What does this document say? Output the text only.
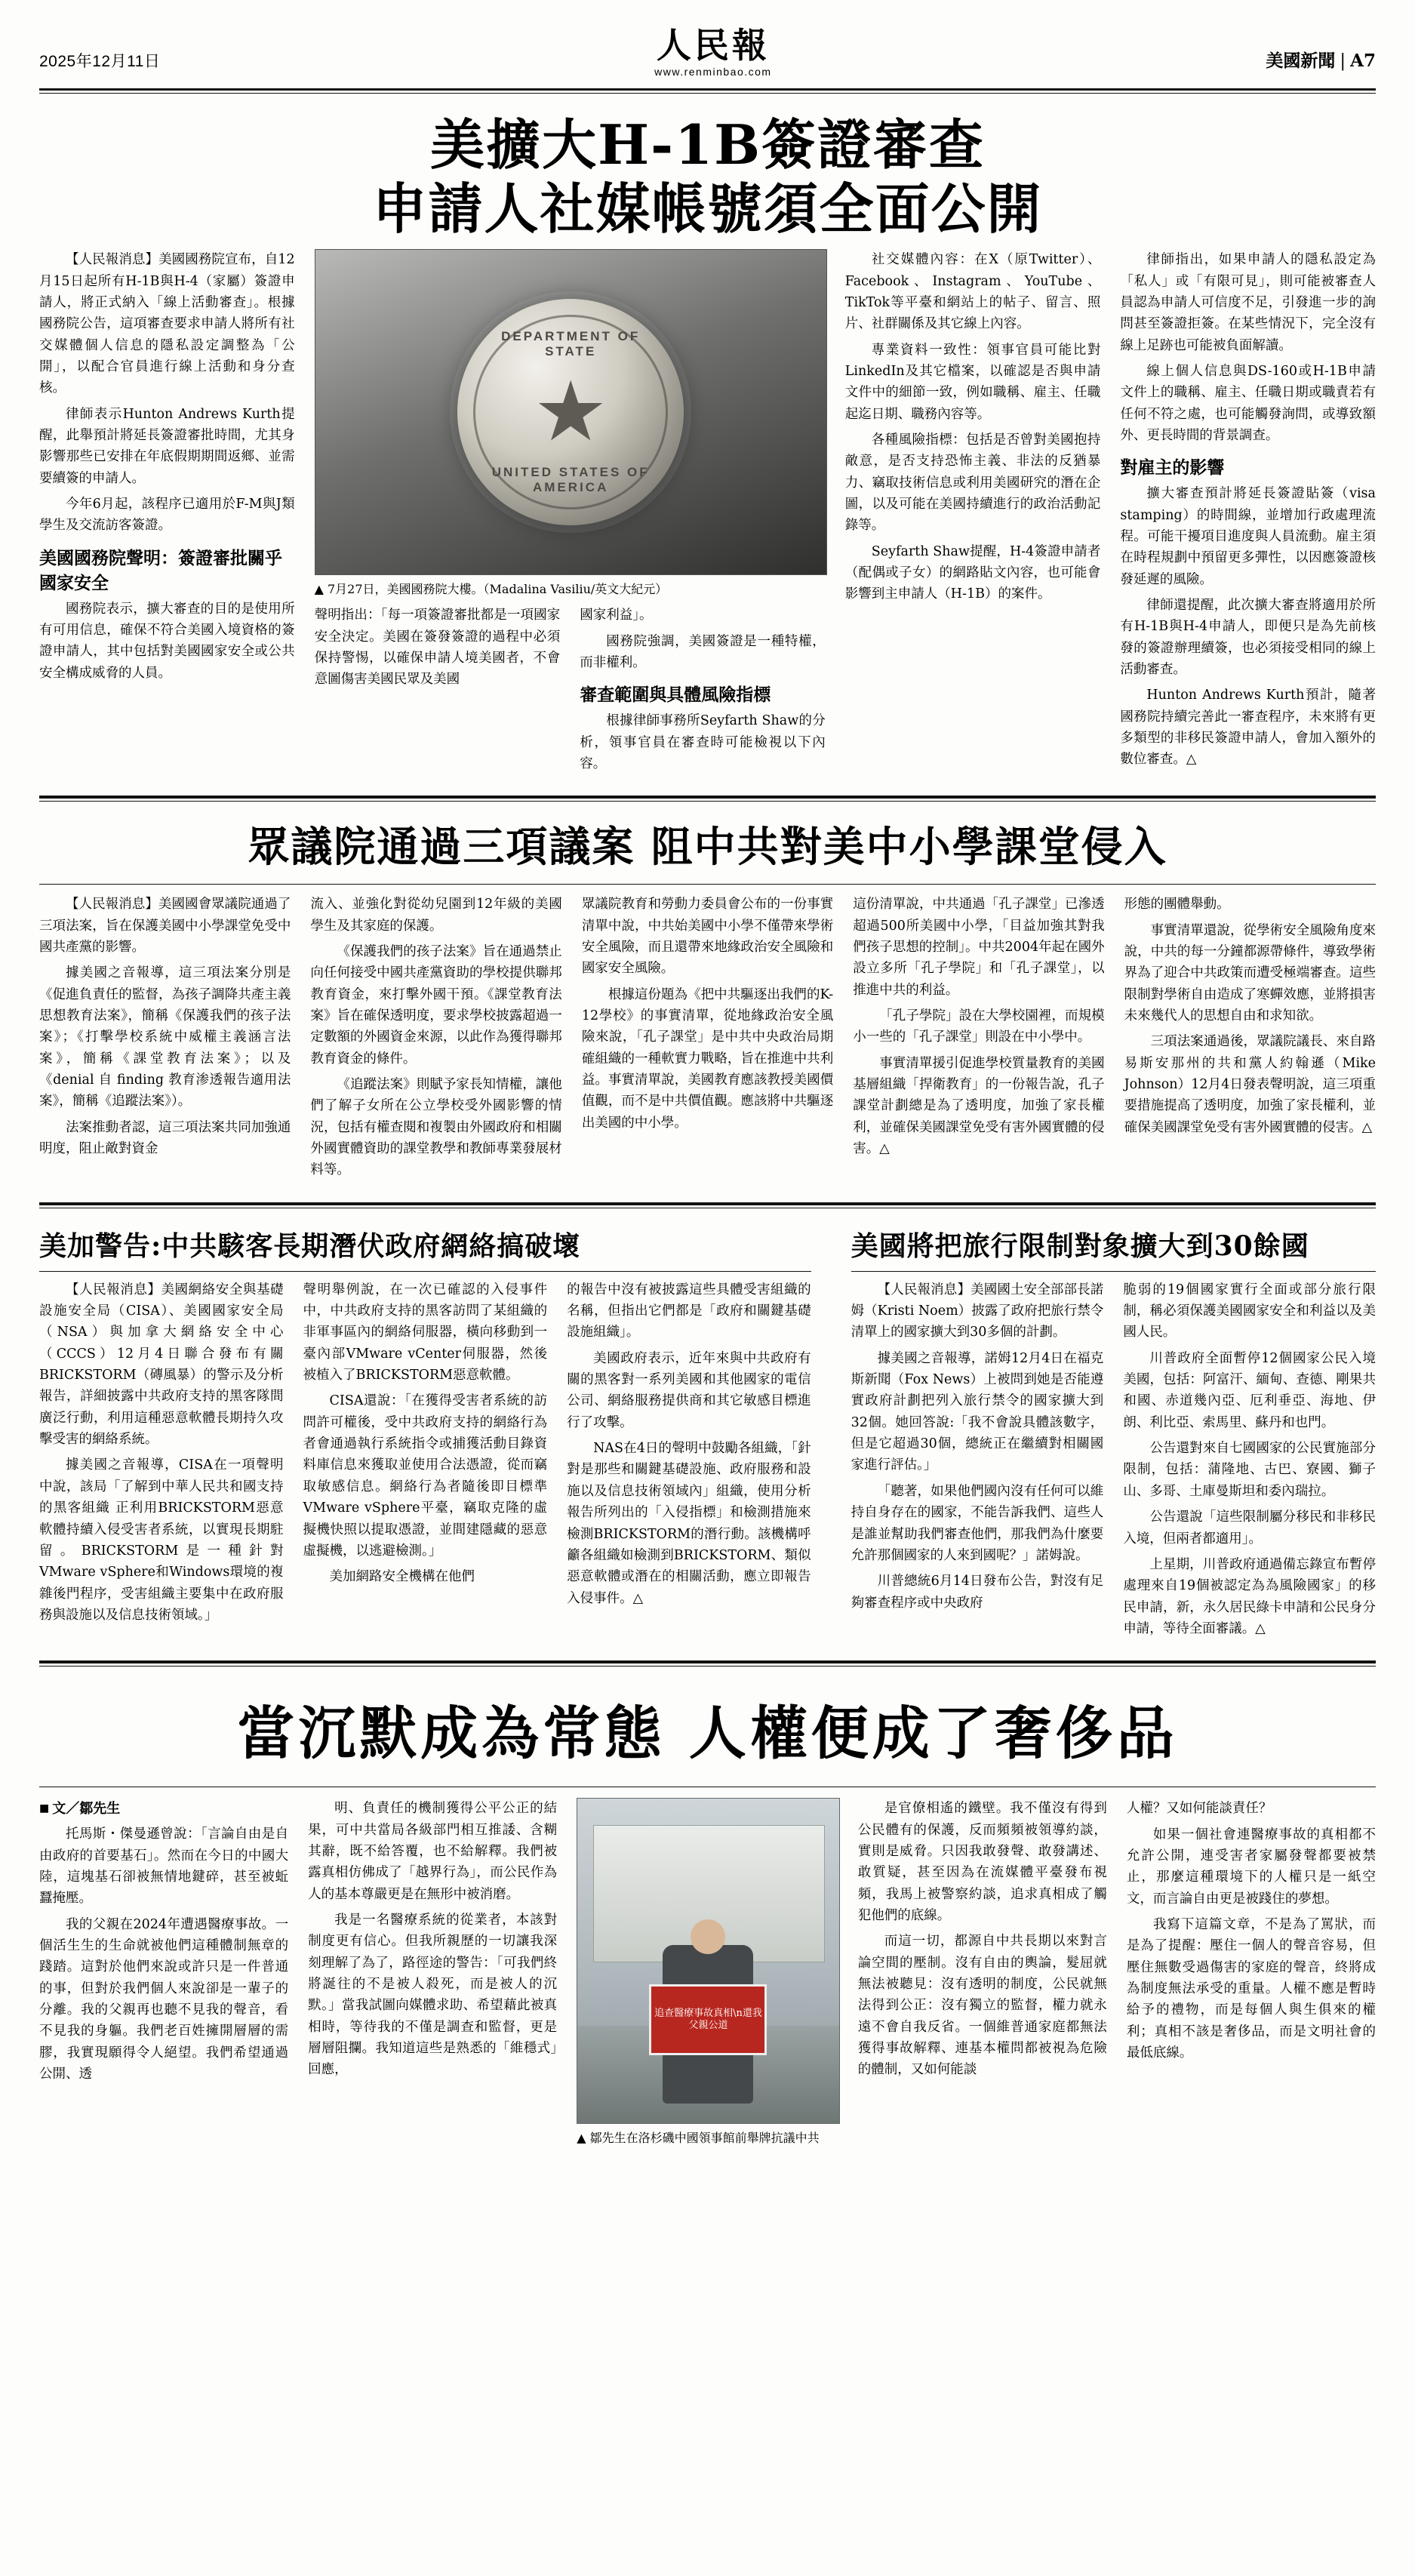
2025年12月11日	人民報
www.renminbao.com
美國新聞 | A7
美擴大H-1B簽證審查
申請人社媒帳號須全面公開

【人民報消息】美國國務院宣布，自12月15日起所有H-1B與H-4（家屬）簽證申請人，將正式納入「線上活動審查」。根據國務院公告，這項審查要求申請人將所有社交媒體個人信息的隱私設定調整為「公開」，以配合官員進行線上活動和身分查核。

律師表示Hunton Andrews Kurth提醒，此舉預計將延長簽證審批時間，尤其身影響那些已安排在年底假期期間返鄉、並需要續簽的申請人。

今年6月起，該程序已適用於F-M與J類學生及交流訪客簽證。

美國國務院聲明：簽證審批關乎國家安全

國務院表示，擴大審查的目的是使用所有可用信息，確保不符合美國入境資格的簽證申請人，其中包括對美國國家安全或公共安全構成威脅的人員。

DEPARTMENT OF STATE
★
UNITED STATES OF AMERICA
▲ 7月27日，美國國務院大樓。（Madalina Vasiliu/英文大紀元）

聲明指出：「每一項簽證審批都是一項國家安全決定。美國在簽發簽證的過程中必須保持警惕，以確保申請人境美國者，不會意圖傷害美國民眾及美國

國家利益」。

國務院強調，美國簽證是一種特權，而非權利。

審查範圍與具體風險指標

根據律師事務所Seyfarth Shaw的分析，領事官員在審查時可能檢視以下內容。

社交媒體內容：在X（原Twitter）、Facebook、Instagram、YouTube、TikTok等平臺和網站上的帖子、留言、照片、社群關係及其它線上內容。

專業資料一致性：領事官員可能比對LinkedIn及其它檔案，以確認是否與申請文件中的細節一致，例如職稱、雇主、任職起迄日期、職務內容等。

各種風險指標：包括是否曾對美國抱持敵意，是否支持恐怖主義、非法的反猶暴力、竊取技術信息或利用美國研究的潛在企圖，以及可能在美國持續進行的政治活動記錄等。

Seyfarth Shaw提醒，H-4簽證申請者（配偶或子女）的網路貼文內容，也可能會影響到主申請人（H-1B）的案件。

律師指出，如果申請人的隱私設定為「私人」或「有限可見」，則可能被審查人員認為申請人可信度不足，引發進一步的詢問甚至簽證拒簽。在某些情況下，完全沒有線上足跡也可能被負面解讀。

線上個人信息與DS-160或H-1B申請文件上的職稱、雇主、任職日期或職責若有任何不符之處，也可能觸發詢問，或導致額外、更長時間的背景調查。

對雇主的影響

擴大審查預計將延長簽證貼簽（visa stamping）的時間線，並增加行政處理流程。可能干擾項目進度與人員流動。雇主須在時程規劃中預留更多彈性，以因應簽證核發延遲的風險。

律師還提醒，此次擴大審查將適用於所有H-1B與H-4申請人，即便只是為先前核發的簽證辦理續簽，也必須接受相同的線上活動審查。

Hunton Andrews Kurth預計，隨著國務院持續完善此一審查程序，未來將有更多類型的非移民簽證申請人，會加入額外的數位審查。△

眾議院通過三項議案 阻中共對美中小學課堂侵入

【人民報消息】美國國會眾議院通過了三項法案，旨在保護美國中小學課堂免受中國共產黨的影響。

據美國之音報導，這三項法案分別是《促進負責任的監督，為孩子調降共產主義思想教育法案》，簡稱《保護我們的孩子法案》；《打擊學校系統中威權主義涵言法案》，簡稱《課堂教育法案》；以及《denial 自 finding 教育渗透報告適用法案》，簡稱《追蹤法案》）。

法案推動者認，這三項法案共同加強通明度，阻止敵對資金

流入、並強化對從幼兒園到12年級的美國學生及其家庭的保護。

《保護我們的孩子法案》旨在通過禁止向任何接受中國共產黨資助的學校提供聯邦教育資金，來打擊外國干預。《課堂教育法案》旨在確保透明度，要求學校披露超過一定數額的外國資金來源，以此作為獲得聯邦教育資金的條件。

《追蹤法案》則賦予家長知情權，讓他們了解子女所在公立學校受外國影響的情況，包括有權查閱和複製由外國政府和相關外國實體資助的課堂教學和教師專業發展材料等。

眾議院教育和勞動力委員會公布的一份事實清單中說，中共始美國中小學不僅帶來學術安全風險，而且還帶來地緣政治安全風險和國家安全風險。

根據這份題為《把中共驅逐出我們的K-12學校》的事實清單，從地緣政治安全風險來說，「孔子課堂」是中共中央政治局期確組織的一種軟實力戰略，旨在推進中共利益。事實清單說，美國教育應該教授美國價值觀，而不是中共價值觀。應該將中共驅逐出美國的中小學。

這份清單說，中共通過「孔子課堂」已滲透超過500所美國中小學，「目益加強其對我們孩子思想的控制」。中共2004年起在國外設立多所「孔子學院」和「孔子課堂」，以推進中共的利益。

「孔子學院」設在大學校園裡，而規模小一些的「孔子課堂」則設在中小學中。

事實清單援引促進學校質量教育的美國基層組織「捍衛教育」的一份報告說，孔子課堂計劃總是為了透明度，加強了家長權利，並確保美國課堂免受有害外國實體的侵害。△

形態的團體舉動。

事實清單還說，從學術安全風險角度來說，中共的每一分鐘都源帶條件，導致學術界為了迎合中共政策而遭受極端審查。這些限制對學術自由造成了寒蟬效應，並將損害未來幾代人的思想自由和求知欲。

三項法案通過後，眾議院議長、來自路易斯安那州的共和黨人約翰遜（Mike Johnson）12月4日發表聲明說，這三項重要措施提高了透明度，加強了家長權利，並確保美國課堂免受有害外國實體的侵害。△

美加警告:中共駭客長期潛伏政府網絡搞破壞

【人民報消息】美國網絡安全與基礎設施安全局（CISA）、美國國家安全局（NSA）與加拿大網絡安全中心（CCCS）12月4日聯合發布有關BRICKSTORM（磚風暴）的警示及分析報告，詳細披露中共政府支持的黑客隊間廣泛行動，利用這種惡意軟體長期持久攻擊受害的網絡系統。

據美國之音報導，CISA在一項聲明中說，該局「了解到中華人民共和國支持的黑客組織 正利用BRICKSTORM惡意軟體持續入侵受害者系統，以實現長期駐留。BRICKSTORM是一種針對VMware vSphere和Windows環境的複雜後門程序，受害組織主要集中在政府服務與設施以及信息技術領域。」

聲明舉例說，在一次已確認的入侵事件中，中共政府支持的黑客訪問了某組織的非軍事區內的網絡伺服器，橫向移動到一臺內部VMware vCenter伺服器，然後被植入了BRICKSTORM惡意軟體。

CISA還說：「在獲得受害者系統的訪問許可權後，受中共政府支持的網絡行為者會通過執行系統指令或捕獲活動目錄資料庫信息來獲取並使用合法憑證，從而竊取敏感信息。網絡行為者隨後即目標準VMware vSphere平臺，竊取克隆的虛擬機快照以提取憑證，並間建隱藏的惡意虛擬機，以逃避檢測。」

美加網路安全機構在他們

的報告中沒有被披露這些具體受害組織的名稱，但指出它們都是「政府和關鍵基礎設施組織」。

美國政府表示，近年來與中共政府有關的黑客對一系列美國和其他國家的電信公司、網絡服務提供商和其它敏感目標進行了攻擊。

NAS在4日的聲明中鼓勵各組織，「針對是那些和關鍵基礎設施、政府服務和設施以及信息技術領域內」組織，使用分析報告所列出的「入侵指標」和檢測措施來檢測BRICKSTORM的潛行動。該機構呼籲各組織如檢測到BRICKSTORM、類似惡意軟體或潛在的相關活動，應立即報告入侵事件。△

美國將把旅行限制對象擴大到30餘國

【人民報消息】美國國土安全部部長諾姆（Kristi Noem）披露了政府把旅行禁令清單上的國家擴大到30多個的計劃。

據美國之音報導，諾姆12月4日在福克斯新聞（Fox News）上被問到她是否能遵實政府計劃把列入旅行禁令的國家擴大到32個。她回答說:「我不會說具體該數字，但是它超過30個，總統正在繼續對相關國家進行評估。」

「聽著，如果他們國內沒有任何可以維持自身存在的國家，不能告訴我們、這些人是誰並幫助我們審查他們，那我們為什麼要允許那個國家的人來到國呢？」諾姆說。

川普總統6月14日發布公告，對沒有足夠審查程序或中央政府

脆弱的19個國家實行全面或部分旅行限制，稱必須保護美國國家安全和利益以及美國人民。

川普政府全面暫停12個國家公民入境美國，包括：阿富汗、緬甸、查德、剛果共和國、赤道幾內亞、厄利垂亞、海地、伊朗、利比亞、索馬里、蘇丹和也門。

公告還對來自七國國家的公民實施部分限制，包括：蒲隆地、古巴、寮國、獅子山、多哥、土庫曼斯坦和委內瑞拉。

公告還說「這些限制屬分移民和非移民入境，但兩者都適用」。

上星期，川普政府通過備忘錄宣布暫停處理來自19個被認定為為風險國家」的移民申請，新，永久居民綠卡申請和公民身分申請，等待全面審議。△

當沉默成為常態 人權便成了奢侈品
■ 文／鄒先生

托馬斯・傑曼遜曾說：「言論自由是自由政府的首要基石」。然而在今日的中國大陸，這塊基石卻被無情地鍵碎，甚至被蚯蠶掩壓。

我的父親在2024年遭遇醫療事故。一個活生生的生命就被他們這種體制無章的踐踏。這對於他們來說或許只是一件普通的事，但對於我們個人來說卻是一輩子的分離。我的父親再也聽不見我的聲音，看不見我的身軀。我們老百姓擁開層層的需膠，我實現願得令人絕望。我們希望通過公開、透

明、負責任的機制獲得公平公正的結果，可中共當局各級部門相互推諉、含糊其辭，既不給答覆，也不給解釋。我們被露真相仿佛成了「越界行為」，而公民作為人的基本尊嚴更是在無形中被消磨。

我是一名醫療系統的從業者，本該對制度更有信心。但我所親歷的一切讓我深刻理解了為了，路徑途的警告：「可我們終將誕往的不是被人殺死，而是被人的沉默。」當我試圖向媒體求助、希望藉此被真相時，等待我的不僅是調查和監督，更是層層阻攔。我知道這些是熟悉的「維穩式」回應，

追查醫療事故真相\n還我父親公道
▲ 鄒先生在洛杉磯中國領事館前舉牌抗議中共

是官僚相遙的鐵壁。我不僅沒有得到公民體有的保護，反而頻頻被領導約談，實則是威脅。只因我敢發聲、敢發講述、敢質疑，甚至因為在流媒體平臺發布視頻，我馬上被警察約談，追求真相成了觸犯他們的底線。

而這一切，都源自中共長期以來對言論空間的壓制。沒有自由的輿論，髮屈就無法被聽見：沒有透明的制度，公民就無法得到公正：沒有獨立的監督，權力就永遠不會自我反省。一個維普通家庭都無法獲得事故解釋、連基本權問都被視為危險的體制，又如何能談

人權？又如何能談責任？

如果一個社會連醫療事故的真相都不允許公開，連受害者家屬發聲都要被禁止，那麼這種環境下的人權只是一紙空文，而言論自由更是被踐住的夢想。

我寫下這篇文章，不是為了罵狀，而是為了提醒：壓住一個人的聲音容易，但壓住無數受過傷害的家庭的聲音，終將成為制度無法承受的重量。人權不應是暫時給予的禮物，而是每個人與生俱來的權利；真相不該是奢侈品，而是文明社會的最低底線。
